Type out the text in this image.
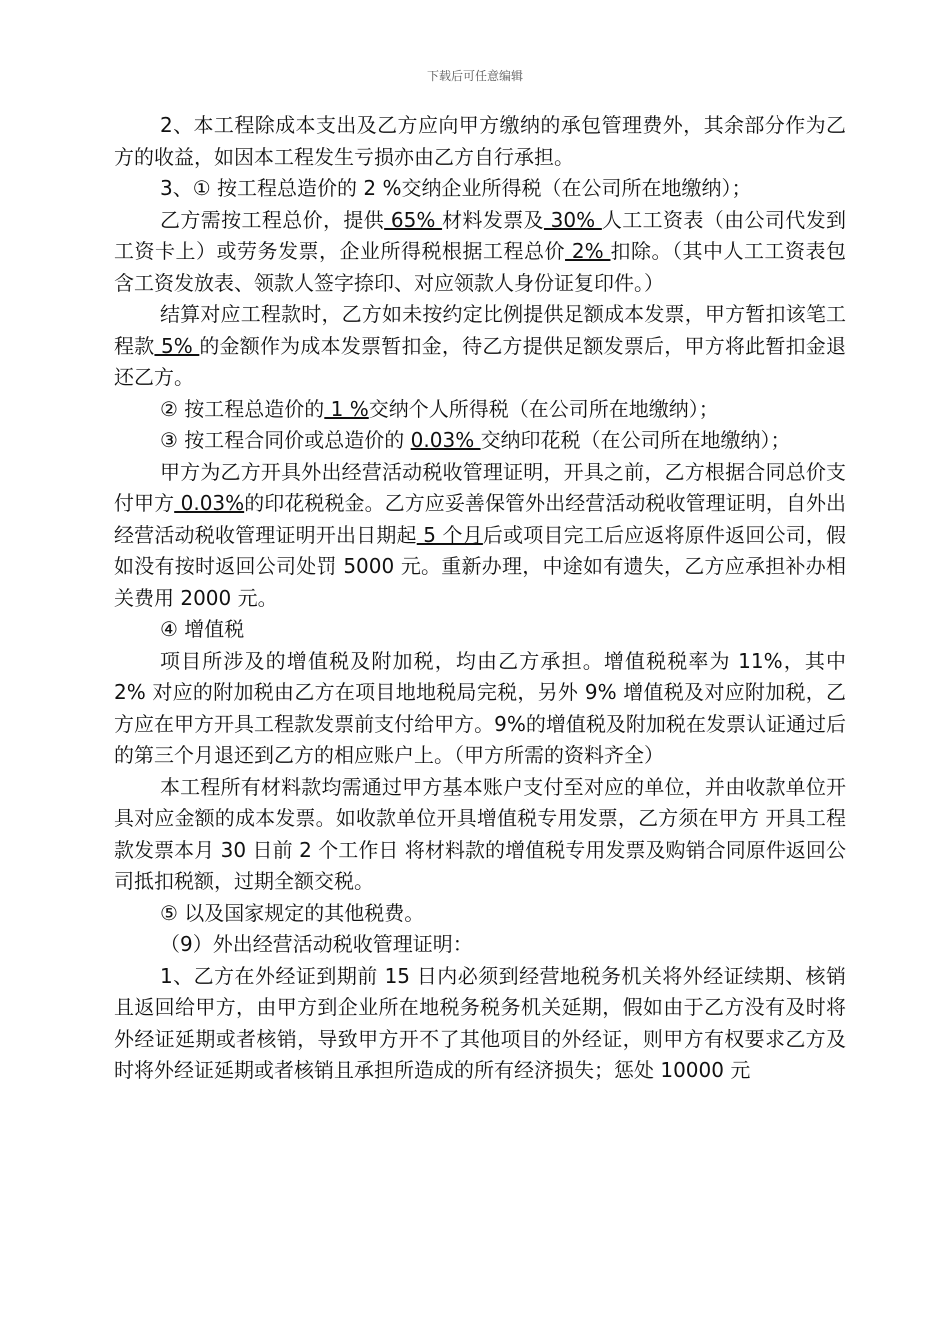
下载后可任意编辑

2、本工程除成本支出及乙方应向甲方缴纳的承包管理费外，其余部分作为乙方的收益，如因本工程发生亏损亦由乙方自行承担。

3、① 按工程总造价的 2 %交纳企业所得税（在公司所在地缴纳）；

乙方需按工程总价，提供 65% 材料发票及 30% 人工工资表（由公司代发到工资卡上）或劳务发票，企业所得税根据工程总价 2% 扣除。（其中人工工资表包含工资发放表、领款人签字捺印、对应领款人身份证复印件。）

结算对应工程款时，乙方如未按约定比例提供足额成本发票，甲方暂扣该笔工程款 5% 的金额作为成本发票暂扣金，待乙方提供足额发票后，甲方将此暂扣金退还乙方。

② 按工程总造价的 1 %交纳个人所得税（在公司所在地缴纳）；

③ 按工程合同价或总造价的 0.03% 交纳印花税（在公司所在地缴纳）；

甲方为乙方开具外出经营活动税收管理证明，开具之前，乙方根据合同总价支付甲方 0.03%的印花税税金。乙方应妥善保管外出经营活动税收管理证明，自外出经营活动税收管理证明开出日期起 5 个月后或项目完工后应返将原件返回公司，假如没有按时返回公司处罚 5000 元。重新办理，中途如有遗失，乙方应承担补办相关费用 2000 元。

④ 增值税

项目所涉及的增值税及附加税，均由乙方承担。增值税税率为 11%，其中 2% 对应的附加税由乙方在项目地地税局完税，另外 9% 增值税及对应附加税，乙方应在甲方开具工程款发票前支付给甲方。9%的增值税及附加税在发票认证通过后的第三个月退还到乙方的相应账户上。（甲方所需的资料齐全）

本工程所有材料款均需通过甲方基本账户支付至对应的单位，并由收款单位开具对应金额的成本发票。如收款单位开具增值税专用发票，乙方须在甲方 开具工程款发票本月 30 日前 2 个工作日 将材料款的增值税专用发票及购销合同原件返回公司抵扣税额，过期全额交税。

⑤ 以及国家规定的其他税费。

（9）外出经营活动税收管理证明：

1、乙方在外经证到期前 15 日内必须到经营地税务机关将外经证续期、核销且返回给甲方，由甲方到企业所在地税务税务机关延期，假如由于乙方没有及时将外经证延期或者核销，导致甲方开不了其他项目的外经证，则甲方有权要求乙方及时将外经证延期或者核销且承担所造成的所有经济损失；惩处 10000 元
